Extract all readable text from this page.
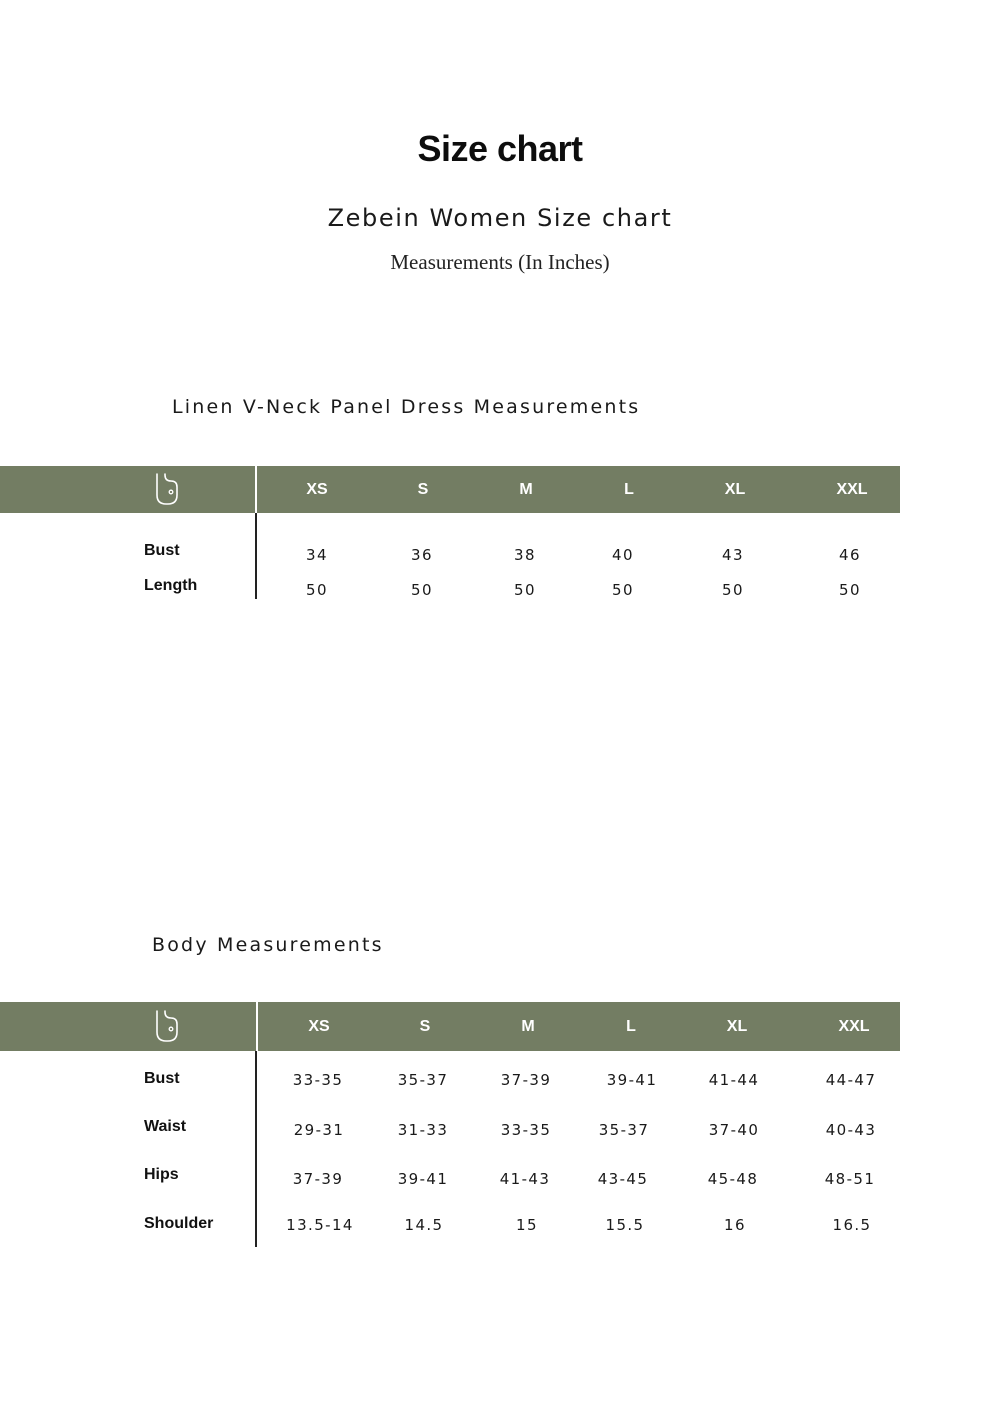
Size chart
Zebein Women Size chart
Measurements (In Inches)
Linen V-Neck Panel Dress Measurements
XS	S	M	L	XL	XXL
Bust	34	36	38	40	43	46
Length	50	50	50	50	50	50
Body Measurements
XS	S	M	L	XL	XXL
Bust	33-35	35-37	37-39	39-41	41-44	44-47
Waist	29-31	31-33	33-35	35-37	37-40	40-43
Hips	37-39	39-41	41-43	43-45	45-48	48-51
Shoulder	13.5-14	14.5	15	15.5	16	16.5
